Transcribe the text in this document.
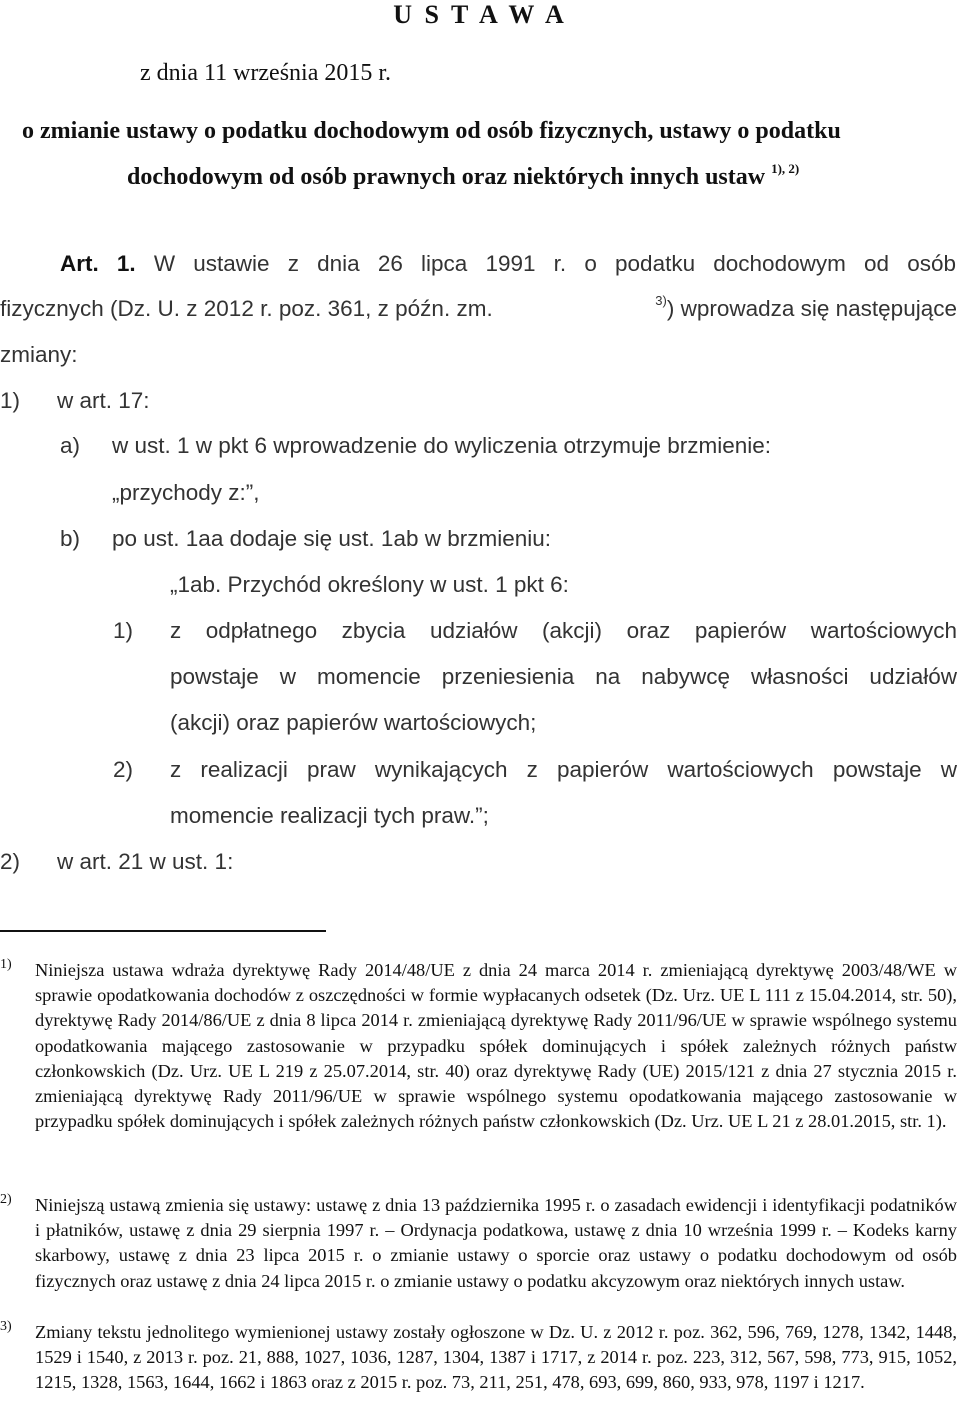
U S T A W A
z dnia 11 września 2015 r.
o zmianie ustawy o podatku dochodowym od osób fizycznych, ustawy o podatku
dochodowym od osób prawnych oraz niektórych innych ustaw $^{1), 2)}$
Art. 1. W ustawie z dnia 26 lipca 1991 r. o podatku dochodowym od osób
fizycznych (Dz. U. z 2012 r. poz. 361, z późn. zm.	$^{3)}$) wprowadza się następujące
zmiany:
1) w art. 17:
a) w ust. 1 w pkt 6 wprowadzenie do wyliczenia otrzymuje brzmienie:
„przychody z:”,
b) po ust. 1aa dodaje się ust. 1ab w brzmieniu:
„1ab. Przychód określony w ust. 1 pkt 6:
1) z odpłatnego zbycia udziałów (akcji) oraz papierów wartościowych
powstaje w momencie przeniesienia na nabywcę własności udziałów
(akcji) oraz papierów wartościowych;
2) z realizacji praw wynikających z papierów wartościowych powstaje w
momencie realizacji tych praw.”;
2) w art. 21 w ust. 1:
1) Niniejsza ustawa wdraża dyrektywę Rady 2014/48/UE z dnia 24 marca 2014 r. zmieniającą dyrektywę 2003/48/WE w sprawie opodatkowania dochodów z oszczędności w formie wypłacanych odsetek (Dz. Urz. UE L 111 z 15.04.2014, str. 50), dyrektywę Rady 2014/86/UE z dnia 8 lipca 2014 r. zmieniającą dyrektywę Rady 2011/96/UE w sprawie wspólnego systemu opodatkowania mającego zastosowanie w przypadku spółek dominujących i spółek zależnych różnych państw członkowskich (Dz. Urz. UE L 219 z 25.07.2014, str. 40) oraz dyrektywę Rady (UE) 2015/121 z dnia 27 stycznia 2015 r. zmieniającą dyrektywę Rady 2011/96/UE w sprawie wspólnego systemu opodatkowania mającego zastosowanie w przypadku spółek dominujących i spółek zależnych różnych państw członkowskich (Dz. Urz. UE L 21 z 28.01.2015, str. 1).
2) Niniejszą ustawą zmienia się ustawy: ustawę z dnia 13 października 1995 r. o zasadach ewidencji i identyfikacji podatników i płatników, ustawę z dnia 29 sierpnia 1997 r. – Ordynacja podatkowa, ustawę z dnia 10 września 1999 r. – Kodeks karny skarbowy, ustawę z dnia 23 lipca 2015 r. o zmianie ustawy o sporcie oraz ustawy o podatku dochodowym od osób fizycznych oraz ustawę z dnia 24 lipca 2015 r. o zmianie ustawy o podatku akcyzowym oraz niektórych innych ustaw.
3) Zmiany tekstu jednolitego wymienionej ustawy zostały ogłoszone w Dz. U. z 2012 r. poz. 362, 596, 769, 1278, 1342, 1448, 1529 i 1540, z 2013 r. poz. 21, 888, 1027, 1036, 1287, 1304, 1387 i 1717, z 2014 r. poz. 223, 312, 567, 598, 773, 915, 1052, 1215, 1328, 1563, 1644, 1662 i 1863 oraz z 2015 r. poz. 73, 211, 251, 478, 693, 699, 860, 933, 978, 1197 i 1217.
